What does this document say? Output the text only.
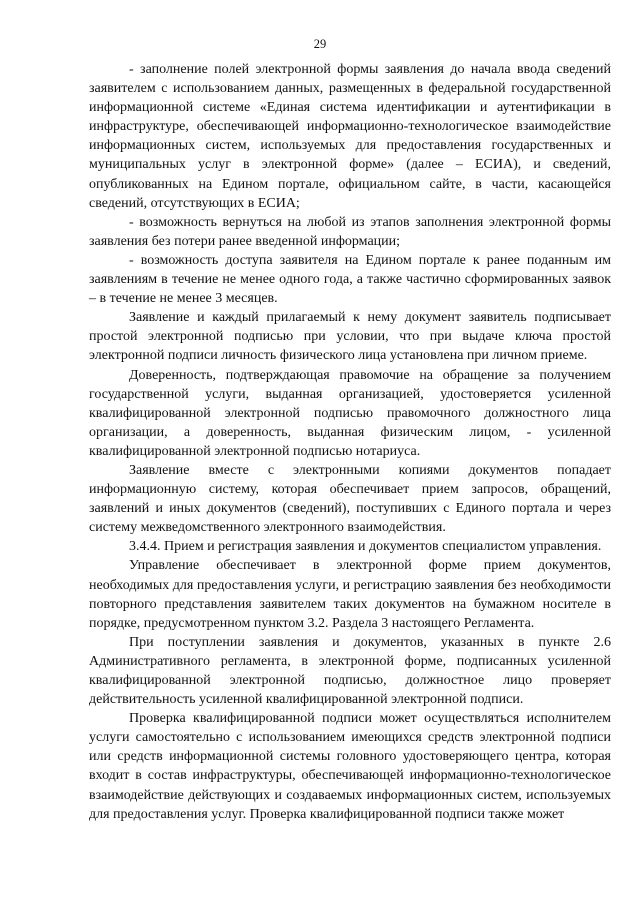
29

- заполнение полей электронной формы заявления до начала ввода сведений заявителем с использованием данных, размещенных в федеральной государственной информационной системе «Единая система идентификации и аутентификации в инфраструктуре, обеспечивающей информационно-технологическое взаимодействие информационных систем, используемых для предоставления государственных и муниципальных услуг в электронной форме» (далее – ЕСИА), и сведений, опубликованных на Едином портале, официальном сайте, в части, касающейся сведений, отсутствующих в ЕСИА;

- возможность вернуться на любой из этапов заполнения электронной формы заявления без потери ранее введенной информации;

- возможность доступа заявителя на Едином портале к ранее поданным им заявлениям в течение не менее одного года, а также частично сформированных заявок – в течение не менее 3 месяцев.

Заявление и каждый прилагаемый к нему документ заявитель подписывает простой электронной подписью при условии, что при выдаче ключа простой электронной подписи личность физического лица установлена при личном приеме.

Доверенность, подтверждающая правомочие на обращение за получением государственной услуги, выданная организацией, удостоверяется усиленной квалифицированной электронной подписью правомочного должностного лица организации, а доверенность, выданная физическим лицом, - усиленной квалифицированной электронной подписью нотариуса.

Заявление вместе с электронными копиями документов попадает информационную систему, которая обеспечивает прием запросов, обращений, заявлений и иных документов (сведений), поступивших с Единого портала и через систему межведомственного электронного взаимодействия.

3.4.4. Прием и регистрация заявления и документов специалистом управления.

Управление обеспечивает в электронной форме прием документов, необходимых для предоставления услуги, и регистрацию заявления без необходимости повторного представления заявителем таких документов на бумажном носителе в порядке, предусмотренном пунктом 3.2. Раздела 3 настоящего Регламента.

При поступлении заявления и документов, указанных в пункте 2.6 Административного регламента, в электронной форме, подписанных усиленной квалифицированной электронной подписью, должностное лицо проверяет действительность усиленной квалифицированной электронной подписи.

Проверка квалифицированной подписи может осуществляться исполнителем услуги самостоятельно с использованием имеющихся средств электронной подписи или средств информационной системы головного удостоверяющего центра, которая входит в состав инфраструктуры, обеспечивающей информационно-технологическое взаимодействие действующих и создаваемых информационных систем, используемых для предоставления услуг. Проверка квалифицированной подписи также может
